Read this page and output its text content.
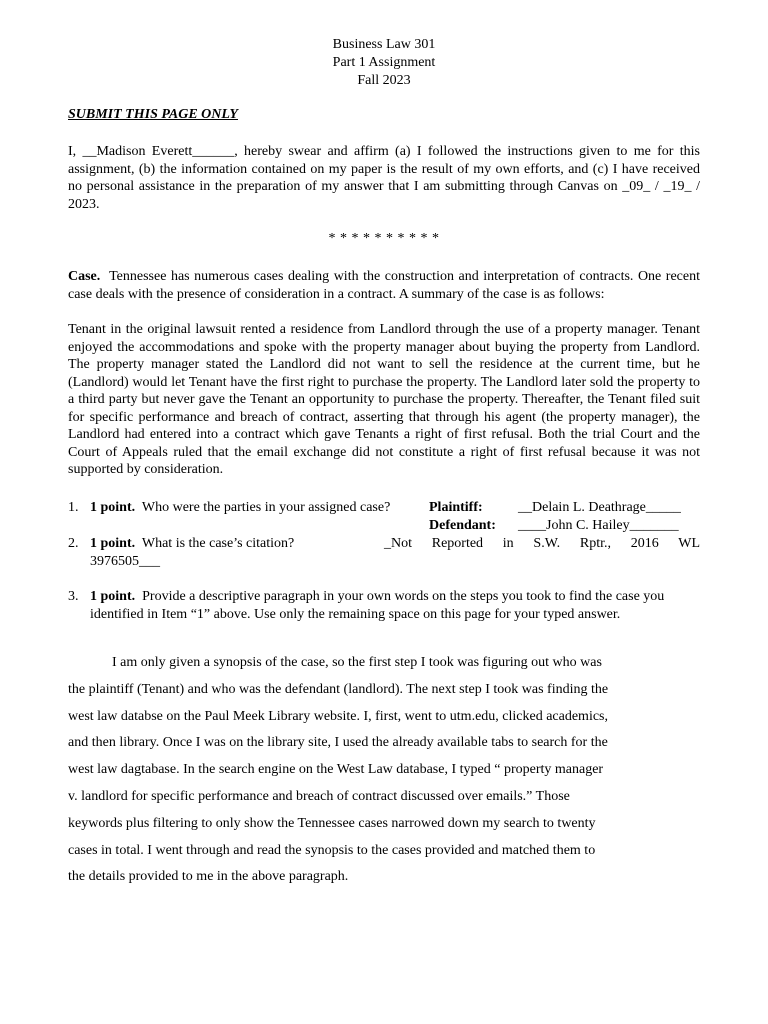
Business Law 301
Part 1 Assignment
Fall 2023
SUBMIT THIS PAGE ONLY
I, __Madison Everett______, hereby swear and affirm (a) I followed the instructions given to me for this assignment, (b) the information contained on my paper is the result of my own efforts, and (c) I have received no personal assistance in the preparation of my answer that I am submitting through Canvas on _09_ / _19_ / 2023.
* * * * * * * * * *
Case. Tennessee has numerous cases dealing with the construction and interpretation of contracts. One recent case deals with the presence of consideration in a contract. A summary of the case is as follows:
Tenant in the original lawsuit rented a residence from Landlord through the use of a property manager. Tenant enjoyed the accommodations and spoke with the property manager about buying the property from Landlord. The property manager stated the Landlord did not want to sell the residence at the current time, but he (Landlord) would let Tenant have the first right to purchase the property. The Landlord later sold the property to a third party but never gave the Tenant an opportunity to purchase the property. Thereafter, the Tenant filed suit for specific performance and breach of contract, asserting that through his agent (the property manager), the Landlord had entered into a contract which gave Tenants a right of first refusal. Both the trial Court and the Court of Appeals ruled that the email exchange did not constitute a right of first refusal because it was not supported by consideration.
1. 1 point. Who were the parties in your assigned case?	Plaintiff:	__Delain L. Deathrage_____
Defendant: ____John C. Hailey_______
2. 1 point. What is the case’s citation?	_Not Reported in S.W. Rptr., 2016 WL
3976505___
3. 1 point. Provide a descriptive paragraph in your own words on the steps you took to find the case you identified in Item “1” above. Use only the remaining space on this page for your typed answer.
I am only given a synopsis of the case, so the first step I took was figuring out who was
the plaintiff (Tenant) and who was the defendant (landlord). The next step I took was finding the
west law databse on the Paul Meek Library website. I, first, went to utm.edu, clicked academics,
and then library. Once I was on the library site, I used the already available tabs to search for the
west law dagtabase. In the search engine on the West Law database, I typed “ property manager
v. landlord for specific performance and breach of contract discussed over emails.” Those
keywords plus filtering to only show the Tennessee cases narrowed down my search to twenty
cases in total. I went through and read the synopsis to the cases provided and matched them to
the details provided to me in the above paragraph.
